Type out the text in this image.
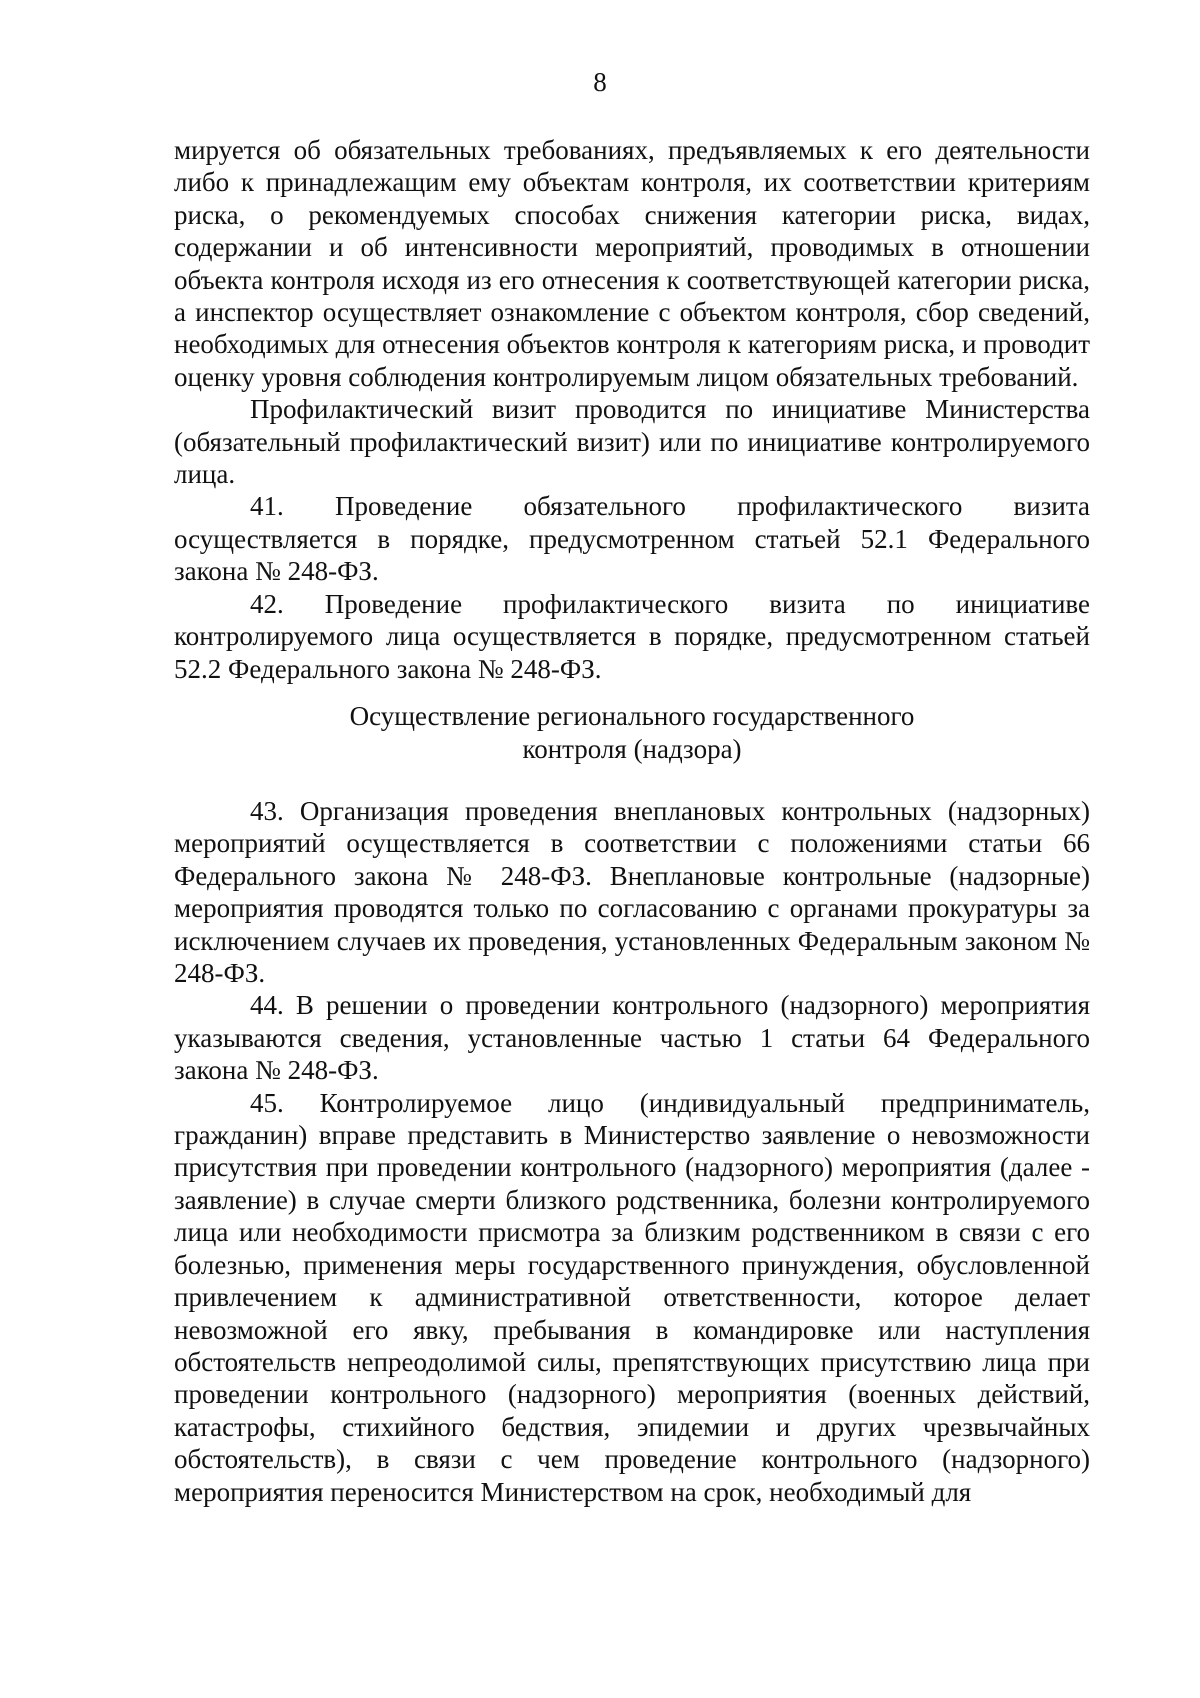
8

мируется об обязательных требованиях, предъявляемых к его деятельности либо к принадлежащим ему объектам контроля, их соответствии критериям риска, о рекомендуемых способах снижения категории риска, видах, содержании и об интенсивности мероприятий, проводимых в отношении объекта контроля исходя из его отнесения к соответствующей категории риска, а инспектор осуществляет ознакомление с объектом контроля, сбор сведений, необходимых для отнесения объектов контроля к категориям риска, и проводит оценку уровня соблюдения контролируемым лицом обязательных требований.

Профилактический визит проводится по инициативе Министерства (обязательный профилактический визит) или по инициативе контролируемого лица.

41. Проведение обязательного профилактического визита осуществляется в порядке, предусмотренном статьей 52.1 Федерального закона № 248-ФЗ.

42. Проведение профилактического визита по инициативе контролируемого лица осуществляется в порядке, предусмотренном статьей 52.2 Федерального закона № 248-ФЗ.

Осуществление регионального государственного
контроля (надзора)

43. Организация проведения внеплановых контрольных (надзорных) мероприятий осуществляется в соответствии с положениями статьи 66 Федерального закона № 248-ФЗ. Внеплановые контрольные (надзорные) мероприятия проводятся только по согласованию с органами прокуратуры за исключением случаев их проведения, установленных Федеральным законом № 248-ФЗ.

44. В решении о проведении контрольного (надзорного) мероприятия указываются сведения, установленные частью 1 статьи 64 Федерального закона № 248-ФЗ.

45. Контролируемое лицо (индивидуальный предприниматель, гражданин) вправе представить в Министерство заявление о невозможности присутствия при проведении контрольного (надзорного) мероприятия (далее - заявление) в случае смерти близкого родственника, болезни контролируемого лица или необходимости присмотра за близким родственником в связи с его болезнью, применения меры государственного принуждения, обусловленной привлечением к административной ответственности, которое делает невозможной его явку, пребывания в командировке или наступления обстоятельств непреодолимой силы, препятствующих присутствию лица при проведении контрольного (надзорного) мероприятия (военных действий, катастрофы, стихийного бедствия, эпидемии и других чрезвычайных обстоятельств), в связи с чем проведение контрольного (надзорного) мероприятия переносится Министерством на срок, необходимый для
